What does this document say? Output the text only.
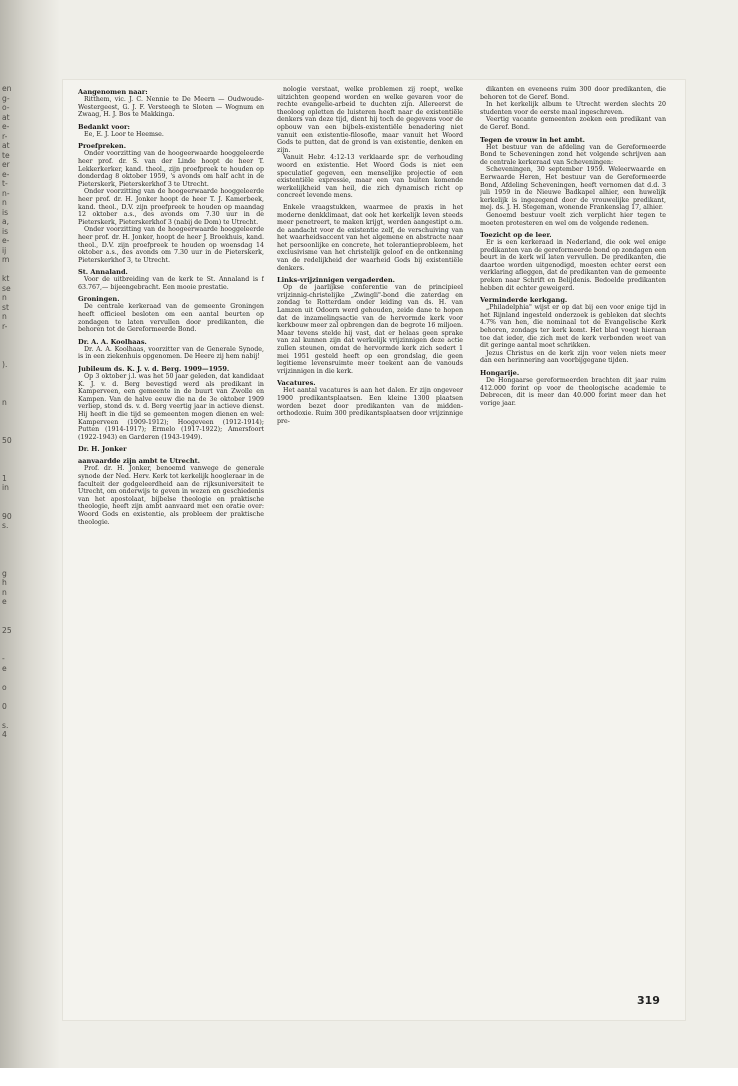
en
g-
o-
at
e-
r-
at
te
er
e-
t-
n-
n
is
a,
is
e-
ij
m
kt
se
n
st
n
r-
).
n
50
1
in
90
s.
g
h
n
e
25
-
e
o
0
s.
4
Aangenomen naar:

Ritthem, vic. J. C. Nennie te De Meern — Oudwoude-Westergeest, G. J. F. Versteegh te Sloten — Wognum en Zwaag, H. J. Bos te Makkinga.

Bedankt voor:

Ee, E. J. Loor te Heemse.

Proefpreken.

Onder voorzitting van de hoogeerwaarde hooggeleerde heer prof. dr. S. van der Linde hoopt de heer T. Lekkerkerker, kand. theol., zijn proefpreek te houden op donderdag 8 oktober 1959, 's avonds om half acht in de Pieterskerk, Pieterskerkhof 3 te Utrecht.

Onder voorzitting van de hoogeerwaarde hooggeleerde heer prof. dr. H. Jonker hoopt de heer T. J. Kamerbeek, kand. theol., D.V. zijn proefpreek te houden op maandag 12 oktober a.s., des avonds om 7.30 uur in de Pieterskerk, Pieterskerkhof 3 (nabij de Dom) te Utrecht.

Onder voorzitting van de hoogeerwaarde hooggeleerde heer prof. dr. H. Jonker, hoopt de heer J. Broekhuis, kand. theol., D.V. zijn proefpreek te houden op woensdag 14 oktober a.s., des avonds om 7.30 uur in de Pieterskerk, Pieterskerkhof 3, te Utrecht.

St. Annaland.

Voor de uitbreiding van de kerk te St. Annaland is f 63.767,— bijeengebracht. Een mooie prestatie.

Groningen.

De centrale kerkeraad van de gemeente Groningen heeft officieel besloten om een aantal beurten op zondagen te laten vervullen door predikanten, die behoren tot de Gereformeerde Bond.

Dr. A. A. Koolhaas.

Dr. A. A. Koolhaas, voorzitter van de Generale Synode, is in een ziekenhuis opgenomen. De Heere zij hem nabij!

Jubileum ds. K. J. v. d. Berg. 1909—1959.

Op 3 oktober j.l. was het 50 jaar geleden, dat kandidaat K. J. v. d. Berg bevestigd werd als predikant in Kamperveen, een gemeente in de buurt van Zwolle en Kampen. Van de halve eeuw die na de 3e oktober 1909 verliep, stond ds. v. d. Berg veertig jaar in actieve dienst. Hij heeft in die tijd se gemeenten mogen dienen en wel: Kamperveen (1909-1912); Hoogeveen (1912-1914); Putten (1914-1917); Ermelo (1917-1922); Amersfoort (1922-1943) en Garderen (1943-1949).

Dr. H. Jonker
aanvaardde zijn ambt te Utrecht.

Prof. dr. H. Jonker, benoemd vanwege de generale synode der Ned. Herv. Kerk tot kerkelijk hoogleraar in de faculteit der godgeleerdheid aan de rijksuniversiteit te Utrecht, om onderwijs te geven in wezen en geschiedenis van het apostolaat, bijbelse theologie en praktische theologie, heeft zijn ambt aanvaard met een oratie over: Woord Gods en existentie, als probleem der praktische theologie.

nologie verstaat, welke problemen zij roept, welke uitzichten geopend worden en welke gevaren voor de rechte evangelie-arbeid te duchten zijn. Allereerst de theoloog opletten de luisteren heeft naar de existentiële denkers van deze tijd, dient hij toch de gegevens voor de opbouw van een bijbels-existentiële benadering niet vanuit een existentie-filosofie, maar vanuit het Woord Gods te putten, dat de grond is van existentie, denken en zijn.

Vanuit Hebr. 4:12-13 verklaarde spr. de verhouding woord en existentie. Het Woord Gods is niet een speculatief gegeven, een menselijke projectie of een existentiële expressie, maar een van buiten komende werkelijkheid van heil, die zich dynamisch richt op concreet levende mens.

Enkele vraagstukken, waarmee de praxis in het moderne denkklimaat, dat ook het kerkelijk leven steeds meer penetreert, te maken krijgt, werden aangestipt o.m. de aandacht voor de existentie zelf, de verschuiving van het waarheidsaccent van het algemene en abstracte naar het persoonlijke en concrete, het tolerantieprobleem, het exclusivisme van het christelijk geloof en de ontkenning van de redelijkheid der waarheid Gods bij existentiële denkers.

Links-vrijzinnigen vergaderden.

Op de jaarlijkse conferentie van de principieel vrijzinnig-christelijke „Zwingli"-bond die zaterdag en zondag te Rotterdam onder leiding van ds. H. van Lamzen uit Odoorn werd gehouden, zeide dane te hopen dat de inzamelingsactie van de hervormde kerk voor kerkbouw meer zal opbrengen dan de begrote 16 miljoen. Maar tevens stelde hij vast, dat er helaas geen sprake van zal kunnen zijn dat werkelijk vrijzinnigen deze actie zullen steunen, omdat de hervormde kerk zich sedert 1 mei 1951 gesteld heeft op een grondslag, die geen legitieme levensruimte meer toekent aan de vanouds vrijzinnigen in die kerk.

Vacatures.

Het aantal vacatures is aan het dalen. Er zijn ongeveer 1900 predikantsplaatsen. Een kleine 1300 plaatsen worden bezet door predikanten van de midden-orthodoxie. Ruim 300 predikantsplaatsen door vrijzinnige pre-

dikanten en eveneens ruim 300 door predikanten, die behoren tot de Geref. Bond.

In het kerkelijk album te Utrecht werden slechts 20 studenten voor de eerste maal ingeschreven.

Veertig vacante gemeenten zoeken een predikant van de Geref. Bond.

Tegen de vrouw in het ambt.

Het bestuur van de afdeling van de Gereformeerde Bond te Scheveningen zond het volgende schrijven aan de centrale kerkeraad van Scheveningen:

Scheveningen, 30 september 1959. Weleerwaarde en Eerwaarde Heren, Het bestuur van de Gereformeerde Bond, Afdeling Scheveningen, heeft vernomen dat d.d. 3 juli 1959 in de Nieuwe Badkapel alhier, een huwelijk kerkelijk is ingezegend door de vrouwelijke predikant, mej. ds. J. H. Stegeman, wonende Frankenslag 17, alhier.

Genoemd bestuur voelt zich verplicht hier tegen te moeten protesteren en wel om de volgende redenen.

Toezicht op de leer.

Er is een kerkeraad in Nederland, die ook wel enige predikanten van de gereformeerde bond op zondagen een beurt in de kerk wil laten vervullen. De predikanten, die daartoe worden uitgenodigd, moesten echter eerst een verklaring afleggen, dat de predikanten van de gemeente preken naar Schrift en Belijdenis. Bedoelde predikanten hebben dit echter geweigerd.

Verminderde kerkgang.

„Philadelphia" wijst er op dat bij een voor enige tijd in het Rijnland ingesteld onderzoek is gebleken dat slechts 4.7% van hen, die nominaal tot de Evangelische Kerk behoren, zondags ter kerk komt. Het blad voegt hieraan toe dat ieder, die zich met de kerk verbonden weet van dit geringe aantal moet schrikken.

Jezus Christus en de kerk zijn voor velen niets meer dan een herinnering aan voorbijgegane tijden.

Hongarije.

De Hongaarse gereformeerden brachten dit jaar ruim 412.000 forint op voor de theologische academie te Debrecen, dit is meer dan 40.000 forint meer dan het vorige jaar.

319
